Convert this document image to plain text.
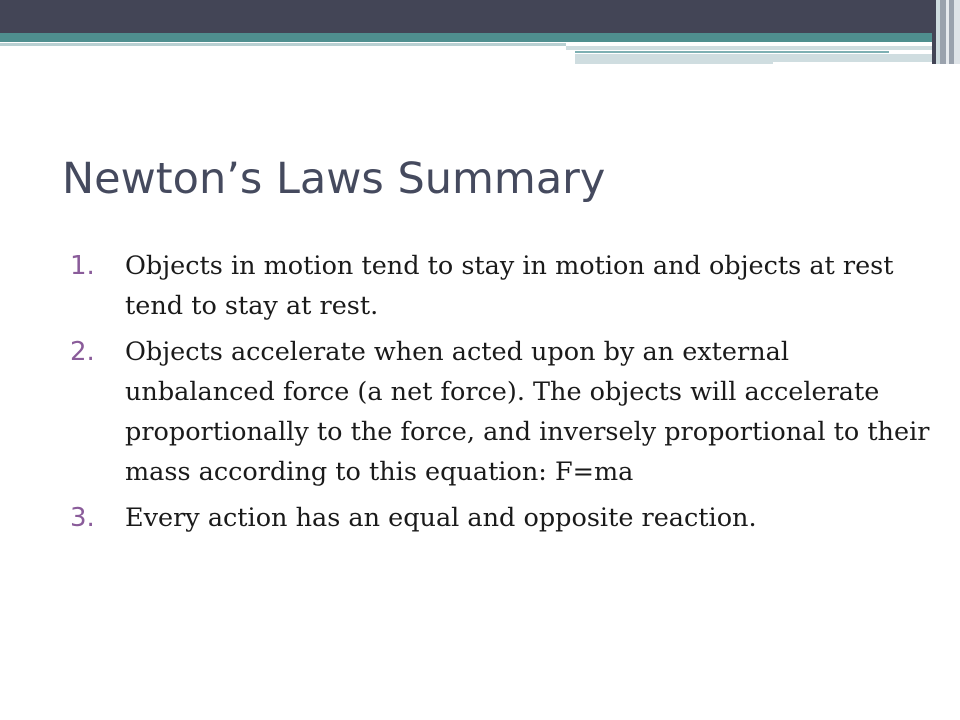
Newton’s Laws Summary
1. Objects in motion tend to stay in motion and objects at rest tend to stay at rest.
2. Objects accelerate when acted upon by an external unbalanced force (a net force). The objects will accelerate proportionally to the force, and inversely proportional to their mass according to this equation: F=ma
3. Every action has an equal and opposite reaction.
